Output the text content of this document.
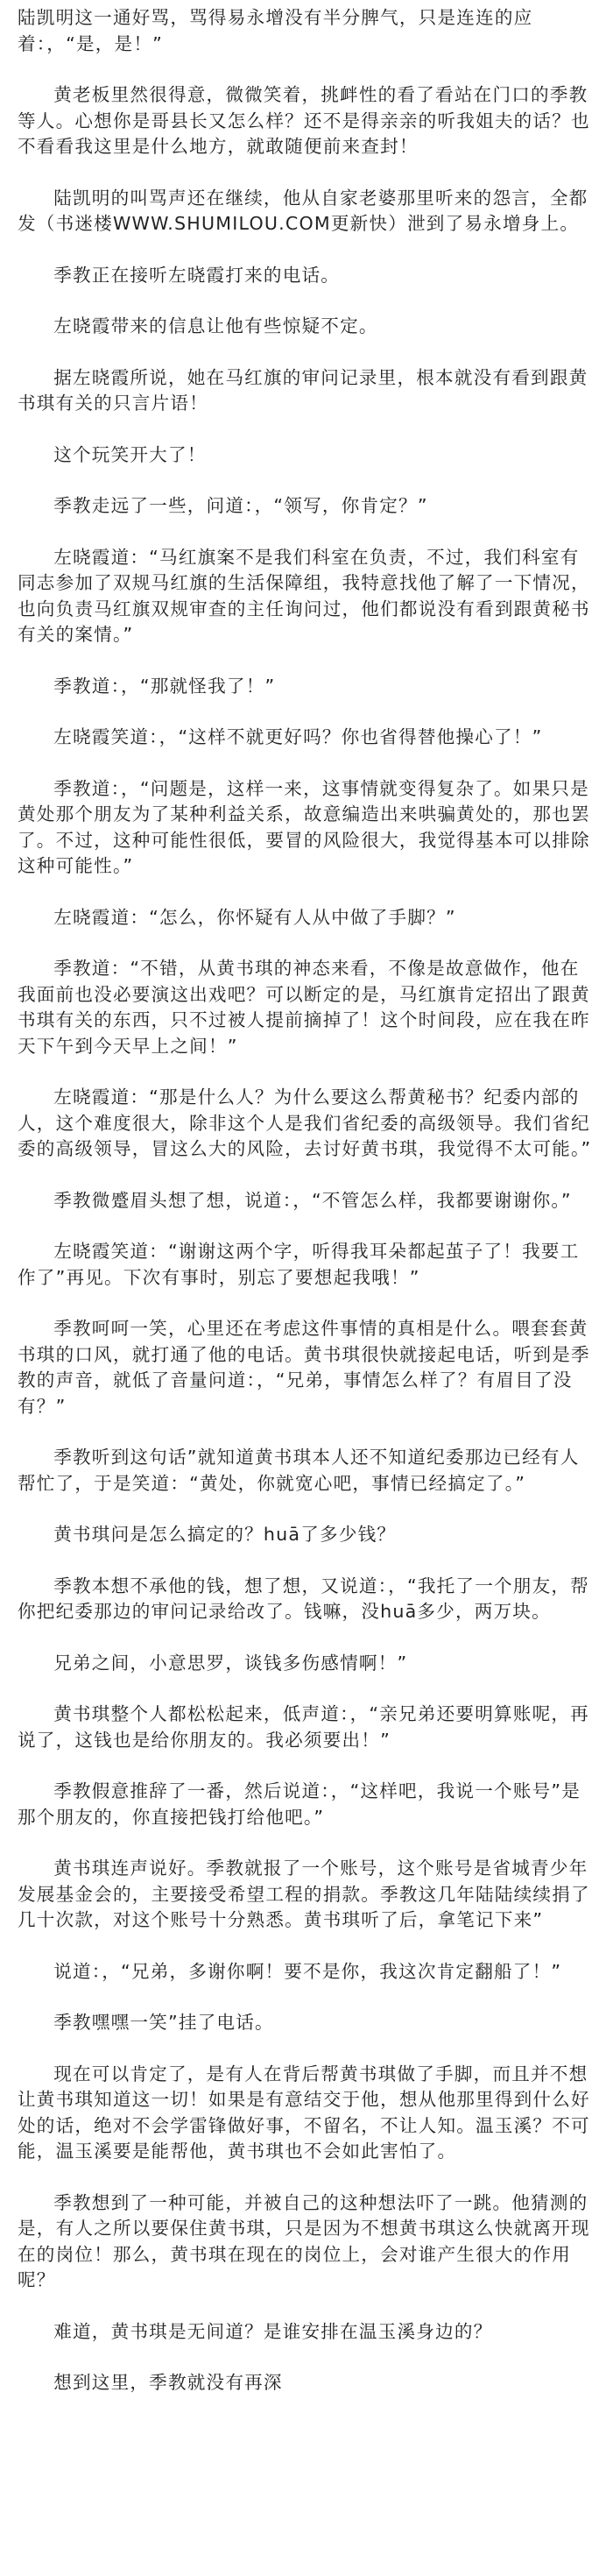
陆凯明这一通好骂，骂得易永增没有半分脾气，只是连连的应着：，“是，是！”

黄老板里然很得意，微微笑着，挑衅性的看了看站在门口的季教等人。心想你是哥县长又怎么样？还不是得亲亲的听我姐夫的话？也不看看我这里是什么地方，就敢随便前来查封！

陆凯明的叫骂声还在继续，他从自家老婆那里听来的怨言，全都发（书迷楼WWW.SHUMILOU.COM更新快）泄到了易永增身上。

季教正在接听左晓霞打来的电话。

左晓霞带来的信息让他有些惊疑不定。

据左晓霞所说，她在马红旗的审问记录里，根本就没有看到跟黄书琪有关的只言片语！

这个玩笑开大了！

季教走远了一些，问道：，“领写，你肯定？”

左晓霞道：“马红旗案不是我们科室在负责，不过，我们科室有同志参加了双规马红旗的生活保障组，我特意找他了解了一下情况，也向负责马红旗双规审查的主任询问过，他们都说没有看到跟黄秘书有关的案情。”

季教道：，“那就怪我了！”

左晓霞笑道：，“这样不就更好吗？你也省得替他操心了！”

季教道：，“问题是，这样一来，这事情就变得复杂了。如果只是黄处那个朋友为了某种利益关系，故意编造出来哄骗黄处的，那也罢了。不过，这种可能性很低，要冒的风险很大，我觉得基本可以排除这种可能性。”

左晓霞道：“怎么，你怀疑有人从中做了手脚？”

季教道：“不错，从黄书琪的神态来看，不像是故意做作，他在我面前也没必要演这出戏吧？可以断定的是，马红旗肯定招出了跟黄书琪有关的东西，只不过被人提前摘掉了！这个时间段，应在我在昨天下午到今天早上之间！”

左晓霞道：“那是什么人？为什么要这么帮黄秘书？纪委内部的人，这个难度很大，除非这个人是我们省纪委的高级领导。我们省纪委的高级领导，冒这么大的风险，去讨好黄书琪，我觉得不太可能。”

季教微蹙眉头想了想，说道：，“不管怎么样，我都要谢谢你。”

左晓霞笑道：“谢谢这两个字，听得我耳朵都起茧子了！我要工作了”再见。下次有事时，别忘了要想起我哦！”

季教呵呵一笑，心里还在考虑这件事情的真相是什么。喂套套黄书琪的口风，就打通了他的电话。黄书琪很快就接起电话，听到是季教的声音，就低了音量问道：，“兄弟，事情怎么样了？有眉目了没有？”

季教听到这句话”就知道黄书琪本人还不知道纪委那边已经有人帮忙了，于是笑道：“黄处，你就宽心吧，事情已经搞定了。”

黄书琪问是怎么搞定的？huā了多少钱？

季教本想不承他的钱，想了想，又说道：，“我托了一个朋友，帮你把纪委那边的审问记录给改了。钱嘛，没huā多少，两万块。

兄弟之间，小意思罗，谈钱多伤感情啊！”

黄书琪整个人都松松起来，低声道：，“亲兄弟还要明算账呢，再说了，这钱也是给你朋友的。我必须要出！”

季教假意推辞了一番，然后说道：，“这样吧，我说一个账号”是那个朋友的，你直接把钱打给他吧。”

黄书琪连声说好。季教就报了一个账号，这个账号是省城青少年发展基金会的，主要接受希望工程的捐款。季教这几年陆陆续续捐了几十次款，对这个账号十分熟悉。黄书琪听了后，拿笔记下来”

说道：，“兄弟，多谢你啊！要不是你，我这次肯定翻船了！”

季教嘿嘿一笑”挂了电话。

现在可以肯定了，是有人在背后帮黄书琪做了手脚，而且并不想让黄书琪知道这一切！如果是有意结交于他，想从他那里得到什么好处的话，绝对不会学雷锋做好事，不留名，不让人知。温玉溪？不可能，温玉溪要是能帮他，黄书琪也不会如此害怕了。

季教想到了一种可能，并被自己的这种想法吓了一跳。他猜测的是，有人之所以要保住黄书琪，只是因为不想黄书琪这么快就离开现在的岗位！那么，黄书琪在现在的岗位上，会对谁产生很大的作用呢？

难道，黄书琪是无间道？是谁安排在温玉溪身边的？

想到这里，季教就没有再深
